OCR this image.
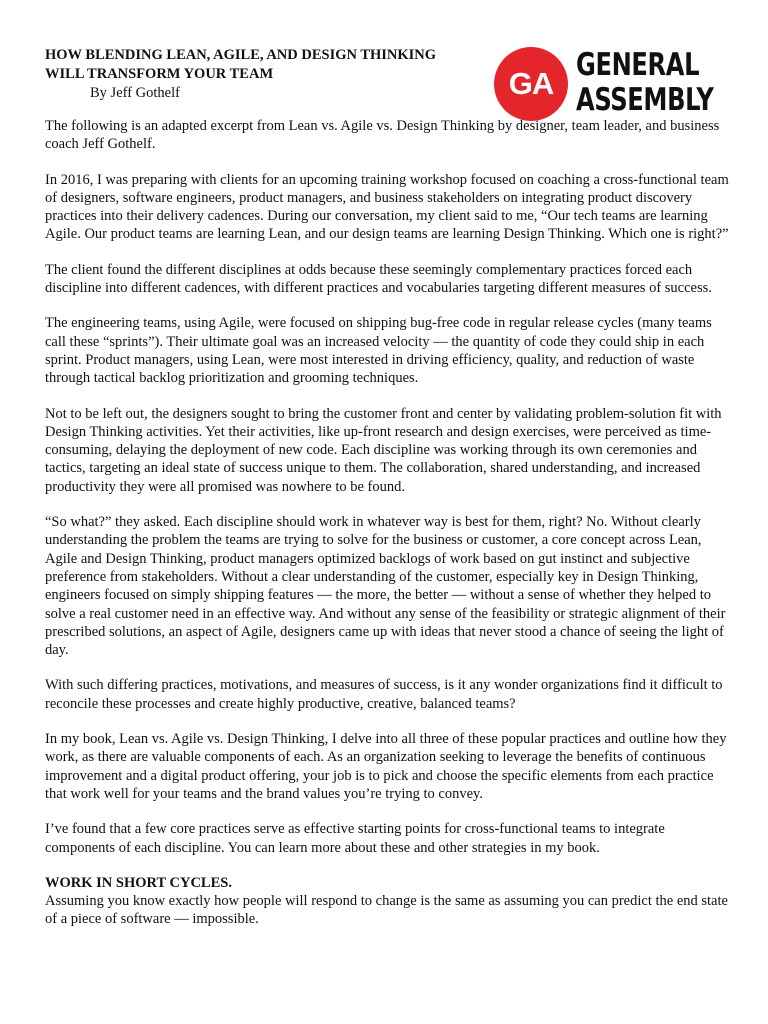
HOW BLENDING LEAN, AGILE, AND DESIGN THINKING WILL TRANSFORM YOUR TEAM

By Jeff Gothelf	GA
GENERAL
ASSEMBLY

The following is an adapted excerpt from Lean vs. Agile vs. Design Thinking by designer, team leader, and business coach Jeff Gothelf.

In 2016, I was preparing with clients for an upcoming training workshop focused on coaching a cross-functional team of designers, software engineers, product managers, and business stakeholders on integrating product discovery practices into their delivery cadences. During our conversation, my client said to me, “Our tech teams are learning Agile. Our product teams are learning Lean, and our design teams are learning Design Thinking. Which one is right?”

The client found the different disciplines at odds because these seemingly complementary practices forced each discipline into different cadences, with different practices and vocabularies targeting different measures of success.

The engineering teams, using Agile, were focused on shipping bug-free code in regular release cycles (many teams call these “sprints”). Their ultimate goal was an increased velocity — the quantity of code they could ship in each sprint. Product managers, using Lean, were most interested in driving efficiency, quality, and reduction of waste through tactical backlog prioritization and grooming techniques.

Not to be left out, the designers sought to bring the customer front and center by validating problem-solution fit with Design Thinking activities. Yet their activities, like up-front research and design exercises, were perceived as time-consuming, delaying the deployment of new code. Each discipline was working through its own ceremonies and tactics, targeting an ideal state of success unique to them. The collaboration, shared understanding, and increased productivity they were all promised was nowhere to be found.

“So what?” they asked. Each discipline should work in whatever way is best for them, right? No. Without clearly understanding the problem the teams are trying to solve for the business or customer, a core concept across Lean, Agile and Design Thinking, product managers optimized backlogs of work based on gut instinct and subjective preference from stakeholders. Without a clear understanding of the customer, especially key in Design Thinking, engineers focused on simply shipping features — the more, the better — without a sense of whether they helped to solve a real customer need in an effective way. And without any sense of the feasibility or strategic alignment of their prescribed solutions, an aspect of Agile, designers came up with ideas that never stood a chance of seeing the light of day.

With such differing practices, motivations, and measures of success, is it any wonder organizations find it difficult to reconcile these processes and create highly productive, creative, balanced teams?

In my book, Lean vs. Agile vs. Design Thinking, I delve into all three of these popular practices and outline how they work, as there are valuable components of each. As an organization seeking to leverage the benefits of continuous improvement and a digital product offering, your job is to pick and choose the specific elements from each practice that work well for your teams and the brand values you’re trying to convey.

I’ve found that a few core practices serve as effective starting points for cross-functional teams to integrate components of each discipline. You can learn more about these and other strategies in my book.

WORK IN SHORT CYCLES.

Assuming you know exactly how people will respond to change is the same as assuming you can predict the end state of a piece of software — impossible.
